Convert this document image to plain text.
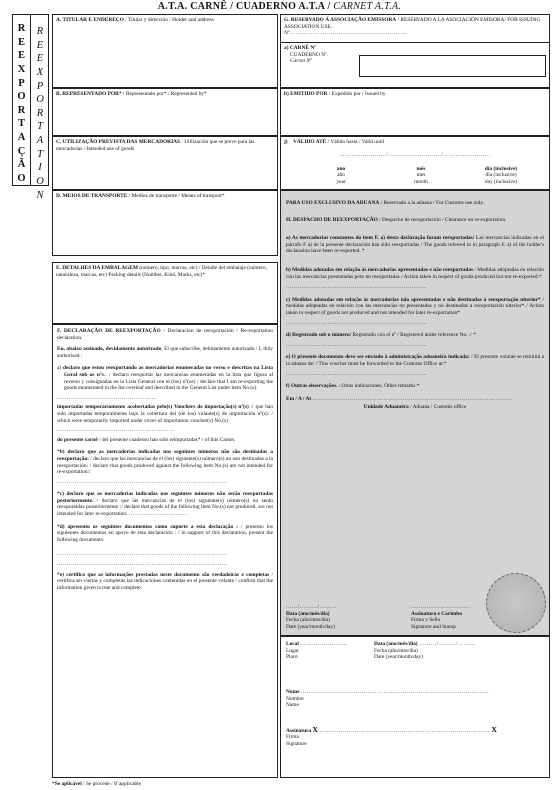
A.T.A. CARNÊ / CUADERNO A.T.A / CARNET A.T.A.
R
E
E
X
P
O
R
T
A
Ç
Ã
O
R
E
E
X
P
O
R
T
A
T
I
O
N
A. TITULAR E ENDEREÇO / Titular y dirección / Holder and address	G. RESERVADO À ASSOCIAÇÃO EMISSORA / RESERVADO A LA ASOCIACIÓN EMISORA/ FOR ISSUING ASSOCIATION USE.
Nº……………………………………………………
a) CARNÊ Nº
CUADERNO Nº.
Carnet Nº
B. REPRESENTADO POR* / Representado por* / Represented by*	b) EMITIDO POR / Expedido por / Issued by
C. UTILIZAÇÃO PREVISTA DAS MERCADORIAS / Utilización que se preve para las mercadorias / Intended use of goods
j) VÁLIDO ATÉ / Válido hasta / Valid until

……………………/………………………/……………………
ano
año
year
mês
mes
month
dia (inclusive)
día (inclusive)
day (inclusive)
D. MEIOS DE TRANSPORTE / Medios de transporte / Means of transport*
E. DETALHES DA EMBALAGEM (número, tipo, marcas, etc) / Detalle del embalaje (número, naturaleza, marcas, etc) Packing details (Number, Kind, Marks, etc)*
F. DECLARAÇÃO DE REEXPORTAÇÃO / Declaración de reexportación / Re-exportation declaration.
Eu, abaixo assinado, devidamente autorizado, El que subscribe, debidamente autorizado / I, duly authorised :
a) declaro que estou reexportando as mercadorias enumeradas no verso e descritas na Lista Geral sob os nºs.: / declaro reexportar las mercancías enumeradas en la lista que figura al reverso y consignadas en la Lista General con el (los) nº(os) / declare that I am re-exporting the goods enumerated in the list overleaf and described in the General List under item No.(s).
……………………………………………
importadas temporariamente acobertadas pelo(s) Vouchers de importação(s) nº(s) :/ que han sido importadas temporalmente bajo la cobertura del (de los) volante(s) de importación nº(s): / which were temporarily imported under cover of importation voucher(s) No.(s)
……………………………………………………
do presente carnê / del presente cuaderno han sido reimportadas* / of this Carnet.
*b) declaro que as mercadorias indicadas nos seguintes números não são destinadas a reexportação: / declaro que las mercancías de el (los) siguiente(s) número(s) no son destinadas a la reexportación: / declare that goods produced against the following item No.(s) are not intended for re-exportation:/
……………………………………………………………………………
*c) declaro que as mercadorias indicadas nos seguintes números não serão reexportadas posteriormente. / declaro que las mercancías de el (los) siguiente(s) número(s) no serán reexportadas posteriormente :/ declare that goods of the following item No.(s) not produced, are not intended for later re-exportation: ……………………………
*d) apresento os seguintes documentos como suporte a esta declaração : / presento los siguientes documentos en apoyo de esta declaración : / in support of this declaration, present the following documents:
……………………………………………………………………………
……………………………………………………………………………
*e) certifico que as informações prestadas neste documento são verdadeiras e completas / certifica ser ciertas y completas las indicaciones contenidas en el presente volante / confirm that the information given is true and complete.
PARA USO EXCLUSIVO DA ADUANA / Reservado a la aduana / For Customs use only.
H. DESPACHO DE REEXPORTAÇÃO / Despacho de reexportación / Clearance on re-exportation.
a) As mercadorias constantes do item F. a) desta declaração foram reexportadas/ Las mercancías indicadas en el párrafo F a) de la presente declaración han sido reexportadas / The goods referred to in paragraph F. a) of the holder's declaration have been re-exported. *
b) Medidas adotadas em relação às mercadorias apresentadas e não reexportadas / Medidas adoptadas en relación con las mercancías presentadas pero no reexportadas / Action taken in respect of goods produced but not re-exported.*
………………………………………………………………
c) Medidas adotadas em relação às mercadorias não apresentadas e não destinadas à reexportação ulterior* / medidas adoptadas en relación con las mercancías no presentadas y no destinadas a reexportación ulterior* / Action taken in respect of goods not produced and not intended for later re-exportation*
………………………………………………………………
d) Registrado sob o número/ Registrado con el nº / Registered under reference No. :/ *
………………………………………………………………
e) O presente documento deve ser enviado à administração aduaneira indicada: / El presente volante se remitirá a la aduana de: / This voucher must be forwarded to the Customs Office at:*
………………………………………………………………
f) Outras observações. / Otras indicaciones. Other remarks:*
Em / A / At …………………………………………………………………………………………
Unidade Aduaneira / Aduana / Customs office
……/………/………
Data (ano/mês/dia)
Fecha (año/mes/día)
Date (year/month/day)
…………………………
Assinatura e Carimbo
Firma y Sello
Signature and Stamp
Local ……………………
Lugar
Place
Data (ano/mês/dia) ………/………/………
Fecha (año/mes/día)
Date (year/month/day)
Nome ……………………………………………………………………………………
Nombre
Name
Assinatura X …………………………………………………………………………… X
Firma
Signature
*Se aplicável / Se procede / If applicable
